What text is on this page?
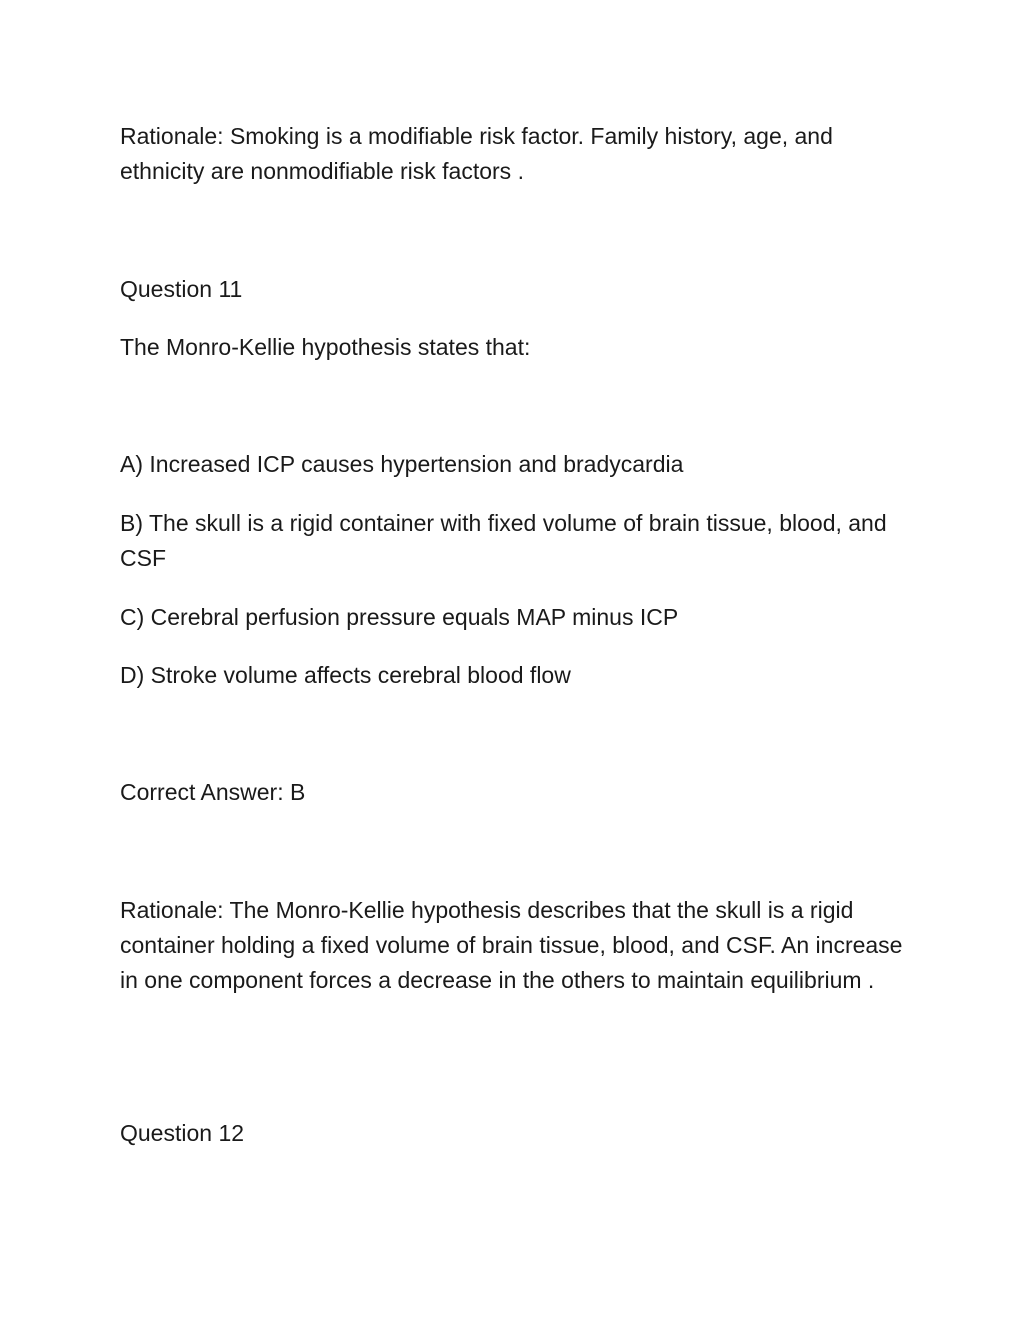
Rationale: Smoking is a modifiable risk factor. Family history, age, and ethnicity are nonmodifiable risk factors .

Question 11

The Monro-Kellie hypothesis states that:

A) Increased ICP causes hypertension and bradycardia

B) The skull is a rigid container with fixed volume of brain tissue, blood, and CSF

C) Cerebral perfusion pressure equals MAP minus ICP

D) Stroke volume affects cerebral blood flow

Correct Answer: B

Rationale: The Monro-Kellie hypothesis describes that the skull is a rigid container holding a fixed volume of brain tissue, blood, and CSF. An increase in one component forces a decrease in the others to maintain equilibrium .

Question 12
